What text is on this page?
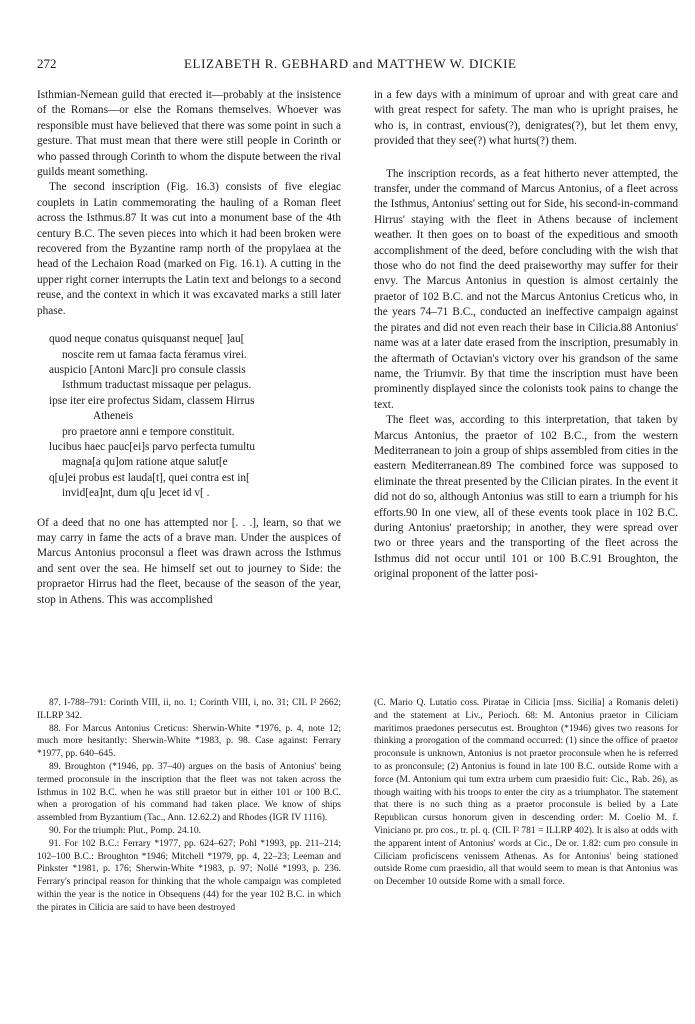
272	ELIZABETH R. GEBHARD and MATTHEW W. DICKIE

Isthmian-Nemean guild that erected it—probably at the insistence of the Romans—or else the Romans themselves. Whoever was responsible must have believed that there was some point in such a gesture. That must mean that there were still people in Corinth or who passed through Corinth to whom the dispute between the rival guilds meant something.

The second inscription (Fig. 16.3) consists of five elegiac couplets in Latin commemorating the hauling of a Roman fleet across the Isthmus.87 It was cut into a monument base of the 4th century B.C. The seven pieces into which it had been broken were recovered from the Byzantine ramp north of the propylaea at the head of the Lechaion Road (marked on Fig. 16.1). A cutting in the upper right corner interrupts the Latin text and belongs to a second reuse, and the context in which it was excavated marks a still later phase.

quod neque conatus quisquanst neque[ ]au[

noscite rem ut famaa facta feramus virei.

auspicio [Antoni Marc]i pro consule classis

Isthmum traductast missaque per pelagus.

ipse iter eire profectus Sidam, classem Hirrus

Atheneis

pro praetore anni e tempore constituit.

lucibus haec pauc[ei]s parvo perfecta tumultu

magna[a qu]om ratione atque salut[e

q[u]ei probus est lauda[t], quei contra est in[

invid[ea]nt, dum q[u ]ecet id v[ .

Of a deed that no one has attempted nor [. . .], learn, so that we may carry in fame the acts of a brave man. Under the auspices of Marcus Antonius proconsul a fleet was drawn across the Isthmus and sent over the sea. He himself set out to journey to Side: the propraetor Hirrus had the fleet, because of the season of the year, stop in Athens. This was accomplished

in a few days with a minimum of uproar and with great care and with great respect for safety. The man who is upright praises, he who is, in contrast, envious(?), denigrates(?), but let them envy, provided that they see(?) what hurts(?) them.

The inscription records, as a feat hitherto never attempted, the transfer, under the command of Marcus Antonius, of a fleet across the Isthmus, Antonius' setting out for Side, his second-in-command Hirrus' staying with the fleet in Athens because of inclement weather. It then goes on to boast of the expeditious and smooth accomplishment of the deed, before concluding with the wish that those who do not find the deed praiseworthy may suffer for their envy. The Marcus Antonius in question is almost certainly the praetor of 102 B.C. and not the Marcus Antonius Creticus who, in the years 74–71 B.C., conducted an ineffective campaign against the pirates and did not even reach their base in Cilicia.88 Antonius' name was at a later date erased from the inscription, presumably in the aftermath of Octavian's victory over his grandson of the same name, the Triumvir. By that time the inscription must have been prominently displayed since the colonists took pains to change the text.

The fleet was, according to this interpretation, that taken by Marcus Antonius, the praetor of 102 B.C., from the western Mediterranean to join a group of ships assembled from cities in the eastern Mediterranean.89 The combined force was supposed to eliminate the threat presented by the Cilician pirates. In the event it did not do so, although Antonius was still to earn a triumph for his efforts.90 In one view, all of these events took place in 102 B.C. during Antonius' praetorship; in another, they were spread over two or three years and the transporting of the fleet across the Isthmus did not occur until 101 or 100 B.C.91 Broughton, the original proponent of the latter posi-

87. I-788–791: Corinth VIII, ii, no. 1; Corinth VIII, i, no. 31; CIL I² 2662; ILLRP 342.

88. For Marcus Antonius Creticus: Sherwin-White *1976, p. 4, note 12; much more hesitantly: Sherwin-White *1983, p. 98. Case against: Ferrary *1977, pp. 640–645.

89. Broughton (*1946, pp. 37–40) argues on the basis of Antonius' being termed proconsule in the inscription that the fleet was not taken across the Isthmus in 102 B.C. when he was still praetor but in either 101 or 100 B.C. when a prorogation of his command had taken place. We know of ships assembled from Byzantium (Tac., Ann. 12.62.2) and Rhodes (IGR IV 1116).

90. For the triumph: Plut., Pomp. 24.10.

91. For 102 B.C.: Ferrary *1977, pp. 624–627; Pohl *1993, pp. 211–214; 102–100 B.C.: Broughton *1946; Mitchell *1979, pp. 4, 22–23; Leeman and Pinkster *1981, p. 176; Sherwin-White *1983, p. 97; Nollé *1993, p. 236. Ferrary's principal reason for thinking that the whole campaign was completed within the year is the notice in Obsequens (44) for the year 102 B.C. in which the pirates in Cilicia are said to have been destroyed

(C. Mario Q. Lutatio coss. Piratae in Cilicia [mss. Sicilia] a Romanis deleti) and the statement at Liv., Perioch. 68: M. Antonius praetor in Ciliciam maritimos praedones persecutus est. Broughton (*1946) gives two reasons for thinking a prorogation of the command occurred: (1) since the office of praetor proconsule is unknown, Antonius is not praetor proconsule when he is referred to as pronconsule; (2) Antonius is found in late 100 B.C. outside Rome with a force (M. Antonium qui tum extra urbem cum praesidio fuit: Cic., Rab. 26), as though waiting with his troops to enter the city as a triumphator. The statement that there is no such thing as a praetor proconsule is belied by a Late Republican cursus honorum given in descending order: M. Coelio M. f. Viniciano pr. pro cos., tr. pl. q. (CIL I² 781 = ILLRP 402). It is also at odds with the apparent intent of Antonius' words at Cic., De or. 1.82: cum pro consule in Ciliciam proficiscens venissem Athenas. As for Antonius' being stationed outside Rome cum praesidio, all that would seem to mean is that Antonius was on December 10 outside Rome with a small force.
